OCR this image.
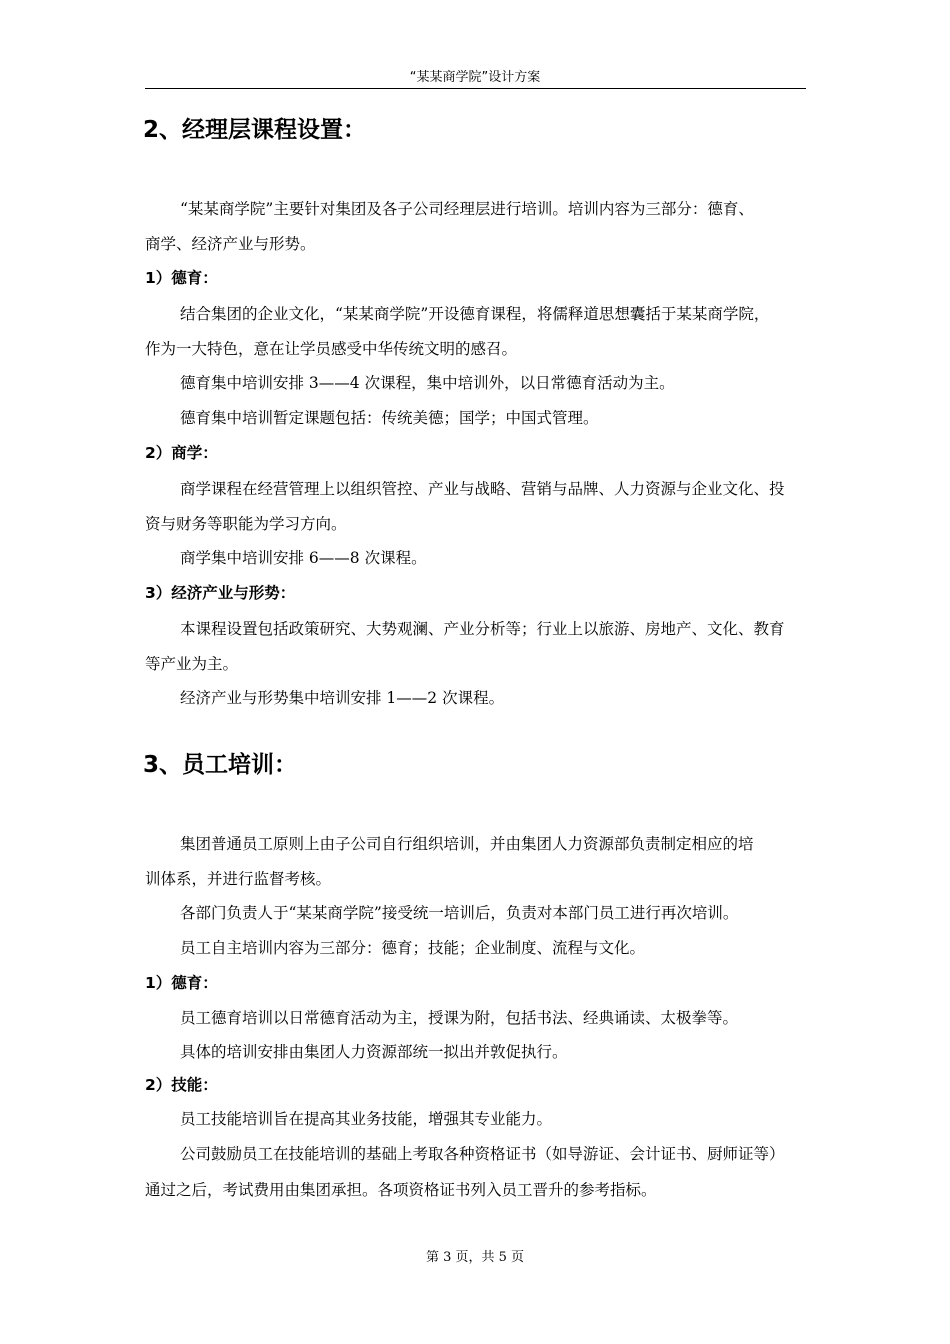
“某某商学院”设计方案
2、经理层课程设置：
“某某商学院”主要针对集团及各子公司经理层进行培训。培训内容为三部分：德育、
商学、经济产业与形势。
1）德育：
结合集团的企业文化，“某某商学院”开设德育课程，将儒释道思想囊括于某某商学院，
作为一大特色，意在让学员感受中华传统文明的感召。
德育集中培训安排 3——4 次课程，集中培训外，以日常德育活动为主。
德育集中培训暂定课题包括：传统美德；国学；中国式管理。
2）商学：
商学课程在经营管理上以组织管控、产业与战略、营销与品牌、人力资源与企业文化、投
资与财务等职能为学习方向。
商学集中培训安排 6——8 次课程。
3）经济产业与形势：
本课程设置包括政策研究、大势观澜、产业分析等；行业上以旅游、房地产、文化、教育
等产业为主。
经济产业与形势集中培训安排 1——2 次课程。
3、员工培训：
集团普通员工原则上由子公司自行组织培训，并由集团人力资源部负责制定相应的培
训体系，并进行监督考核。
各部门负责人于“某某商学院”接受统一培训后，负责对本部门员工进行再次培训。
员工自主培训内容为三部分：德育；技能；企业制度、流程与文化。
1）德育：
员工德育培训以日常德育活动为主，授课为附，包括书法、经典诵读、太极拳等。
具体的培训安排由集团人力资源部统一拟出并敦促执行。
2）技能：
员工技能培训旨在提高其业务技能，增强其专业能力。
公司鼓励员工在技能培训的基础上考取各种资格证书（如导游证、会计证书、厨师证等）
通过之后，考试费用由集团承担。各项资格证书列入员工晋升的参考指标。
第 3 页，共 5 页
